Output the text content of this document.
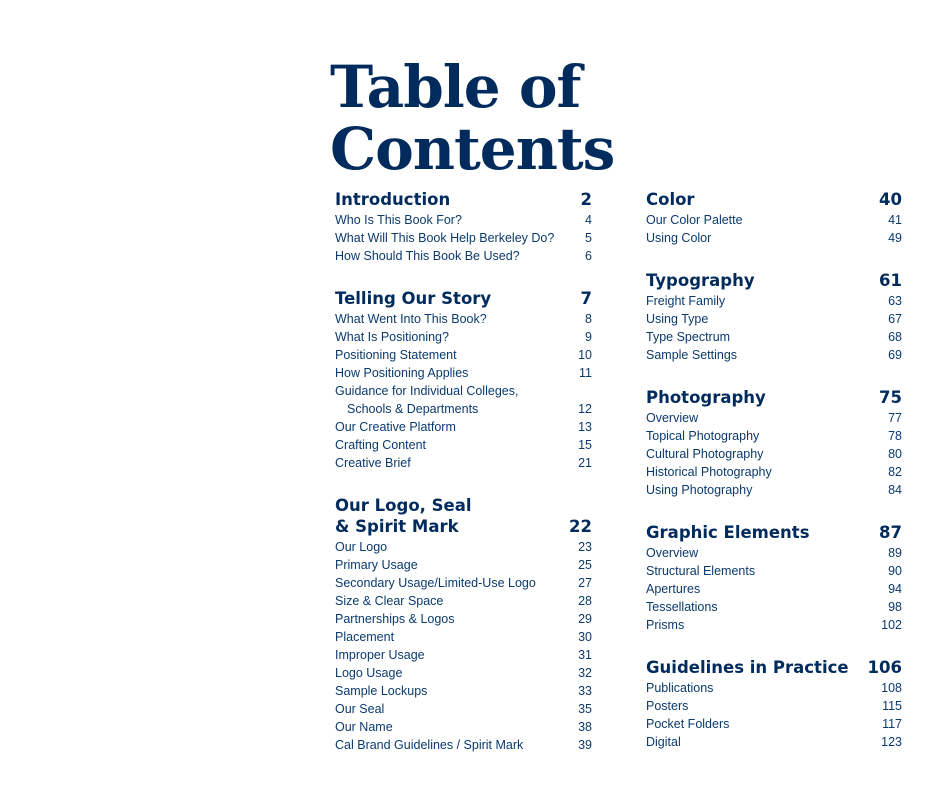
Table of
Contents
Introduction	2
Who Is This Book For?	4
What Will This Book Help Berkeley Do? 5
How Should This Book Be Used?	6
Telling Our Story	7
What Went Into This Book?	8
What Is Positioning?	9
Positioning Statement	10
How Positioning Applies	11
Guidance for Individual Colleges,
Schools & Departments	12
Our Creative Platform	13
Crafting Content	15
Creative Brief	21
Our Logo, Seal
& Spirit Mark	22
Our Logo	23
Primary Usage	25
Secondary Usage/Limited-Use Logo	27
Size & Clear Space	28
Partnerships & Logos	29
Placement	30
Improper Usage	31
Logo Usage	32
Sample Lockups	33
Our Seal	35
Our Name	38
Cal Brand Guidelines / Spirit Mark	39
Color	40
Our Color Palette	41
Using Color	49
Typography	61
Freight Family	63
Using Type	67
Type Spectrum	68
Sample Settings	69
Photography	75
Overview	77
Topical Photography	78
Cultural Photography	80
Historical Photography	82
Using Photography	84
Graphic Elements	87
Overview	89
Structural Elements	90
Apertures	94
Tessellations	98
Prisms	102
Guidelines in Practice 106
Publications	108
Posters	115
Pocket Folders	117
Digital	123
